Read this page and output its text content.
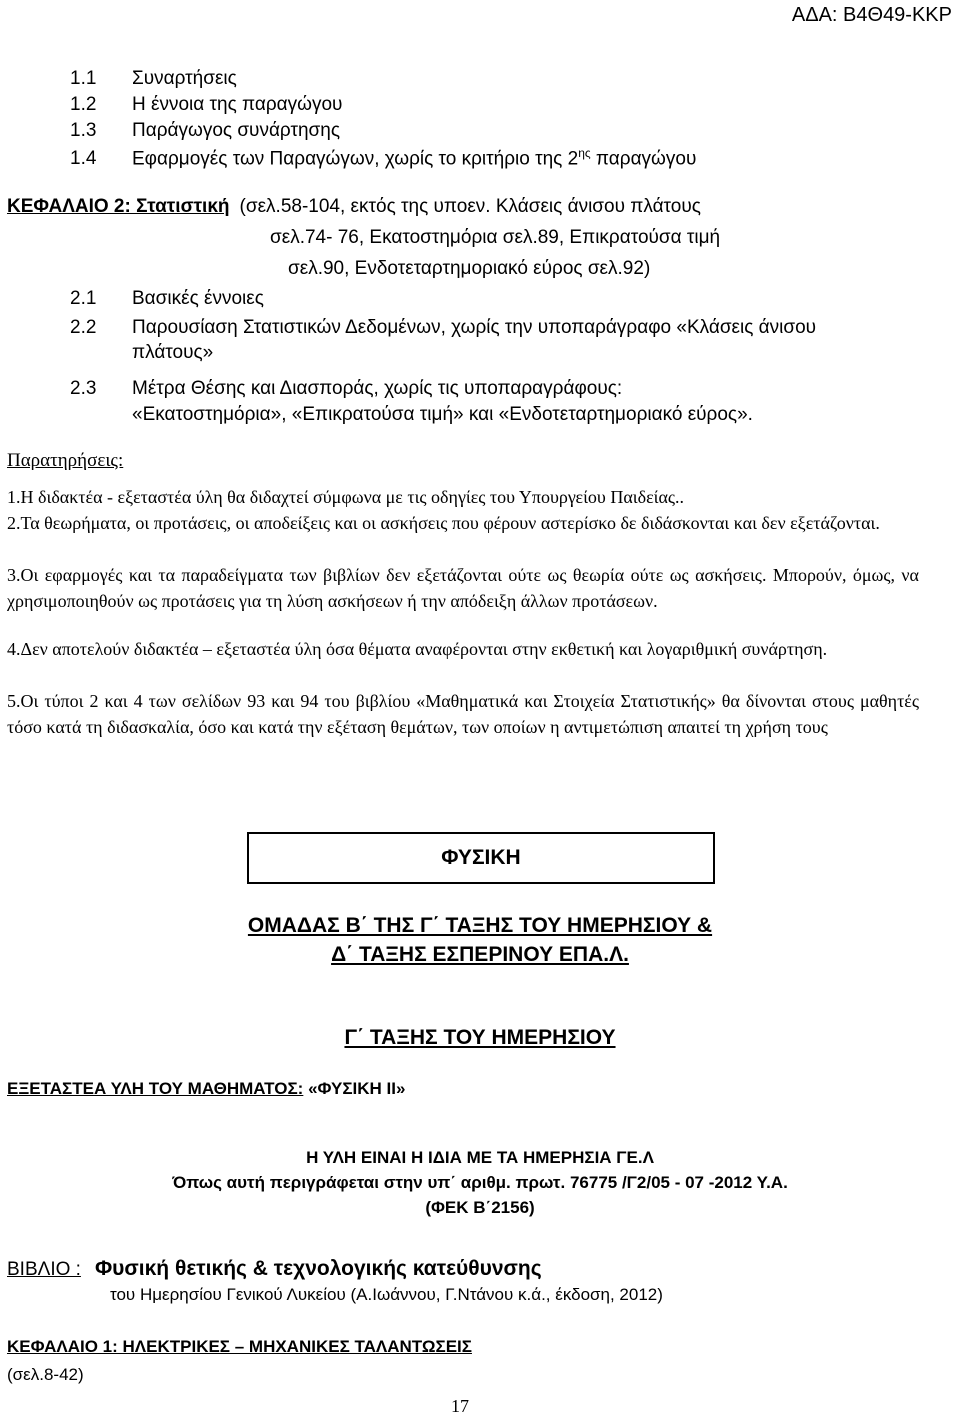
ΑΔΑ: Β4Θ49-ΚΚΡ
1.1 Συναρτήσεις
1.2 Η έννοια της παραγώγου
1.3 Παράγωγος συνάρτησης
1.4 Εφαρμογές των Παραγώγων, χωρίς το κριτήριο της $2^{\eta\varsigma}$ παραγώγου
ΚΕΦΑΛΑΙΟ 2: Στατιστική (σελ.58-104, εκτός της υποεν. Κλάσεις άνισου πλάτους
σελ.74- 76, Εκατοστημόρια σελ.89, Επικρατούσα τιμή
σελ.90, Ενδοτεταρτημοριακό εύρος σελ.92)
2.1 Βασικές έννοιες
2.2 Παρουσίαση Στατιστικών Δεδομένων, χωρίς την υποπαράγραφο «Κλάσεις άνισου
πλάτους»
2.3 Μέτρα Θέσης και Διασποράς, χωρίς τις υποπαραγράφους:
«Εκατοστημόρια», «Επικρατούσα τιμή» και «Ενδοτεταρτημοριακό εύρος».
Παρατηρήσεις:
1.Η διδακτέα - εξεταστέα ύλη θα διδαχτεί σύμφωνα με τις οδηγίες του Υπουργείου Παιδείας..
2.Τα θεωρήματα, οι προτάσεις, οι αποδείξεις και οι ασκήσεις που φέρουν αστερίσκο δε διδάσκονται και δεν εξετάζονται.
3.Οι εφαρμογές και τα παραδείγματα των βιβλίων δεν εξετάζονται ούτε ως θεωρία ούτε ως ασκήσεις. Μπορούν, όμως, να χρησιμοποιηθούν ως προτάσεις για τη λύση ασκήσεων ή την απόδειξη άλλων προτάσεων.
4.Δεν αποτελούν διδακτέα – εξεταστέα ύλη όσα θέματα αναφέρονται στην εκθετική και λογαριθμική συνάρτηση.
5.Οι τύποι 2 και 4 των σελίδων 93 και 94 του βιβλίου «Μαθηματικά και Στοιχεία Στατιστικής» θα δίνονται στους μαθητές τόσο κατά τη διδασκαλία, όσο και κατά την εξέταση θεμάτων, των οποίων η αντιμετώπιση απαιτεί τη χρήση τους
ΦΥΣΙΚΗ
ΟΜΑΔΑΣ Β΄ ΤΗΣ Γ΄ ΤΑΞΗΣ ΤΟΥ ΗΜΕΡΗΣΙΟΥ &
Δ΄ ΤΑΞΗΣ ΕΣΠΕΡΙΝΟΥ ΕΠΑ.Λ.
Γ΄ ΤΑΞΗΣ ΤΟΥ ΗΜΕΡΗΣΙΟΥ
ΕΞΕΤΑΣΤΕΑ ΥΛΗ ΤΟΥ ΜΑΘΗΜΑΤΟΣ: «ΦΥΣΙΚΗ ΙΙ»
Η ΥΛΗ ΕΙΝΑΙ Η ΙΔΙΑ ΜΕ ΤΑ ΗΜΕΡΗΣΙΑ ΓΕ.Λ
Όπως αυτή περιγράφεται στην υπ΄ αριθμ. πρωτ. 76775 /Γ2/05 - 07 -2012 Υ.Α.
(ΦΕΚ Β΄2156)
ΒΙΒΛΙΟ : Φυσική θετικής & τεχνολογικής κατεύθυνσης
του Ημερησίου Γενικού Λυκείου (Α.Ιωάννου, Γ.Ντάνου κ.ά., έκδοση, 2012)
ΚΕΦΑΛΑΙΟ 1: ΗΛΕΚΤΡΙΚΕΣ – ΜΗΧΑΝΙΚΕΣ ΤΑΛΑΝΤΩΣΕΙΣ
(σελ.8-42)
17
